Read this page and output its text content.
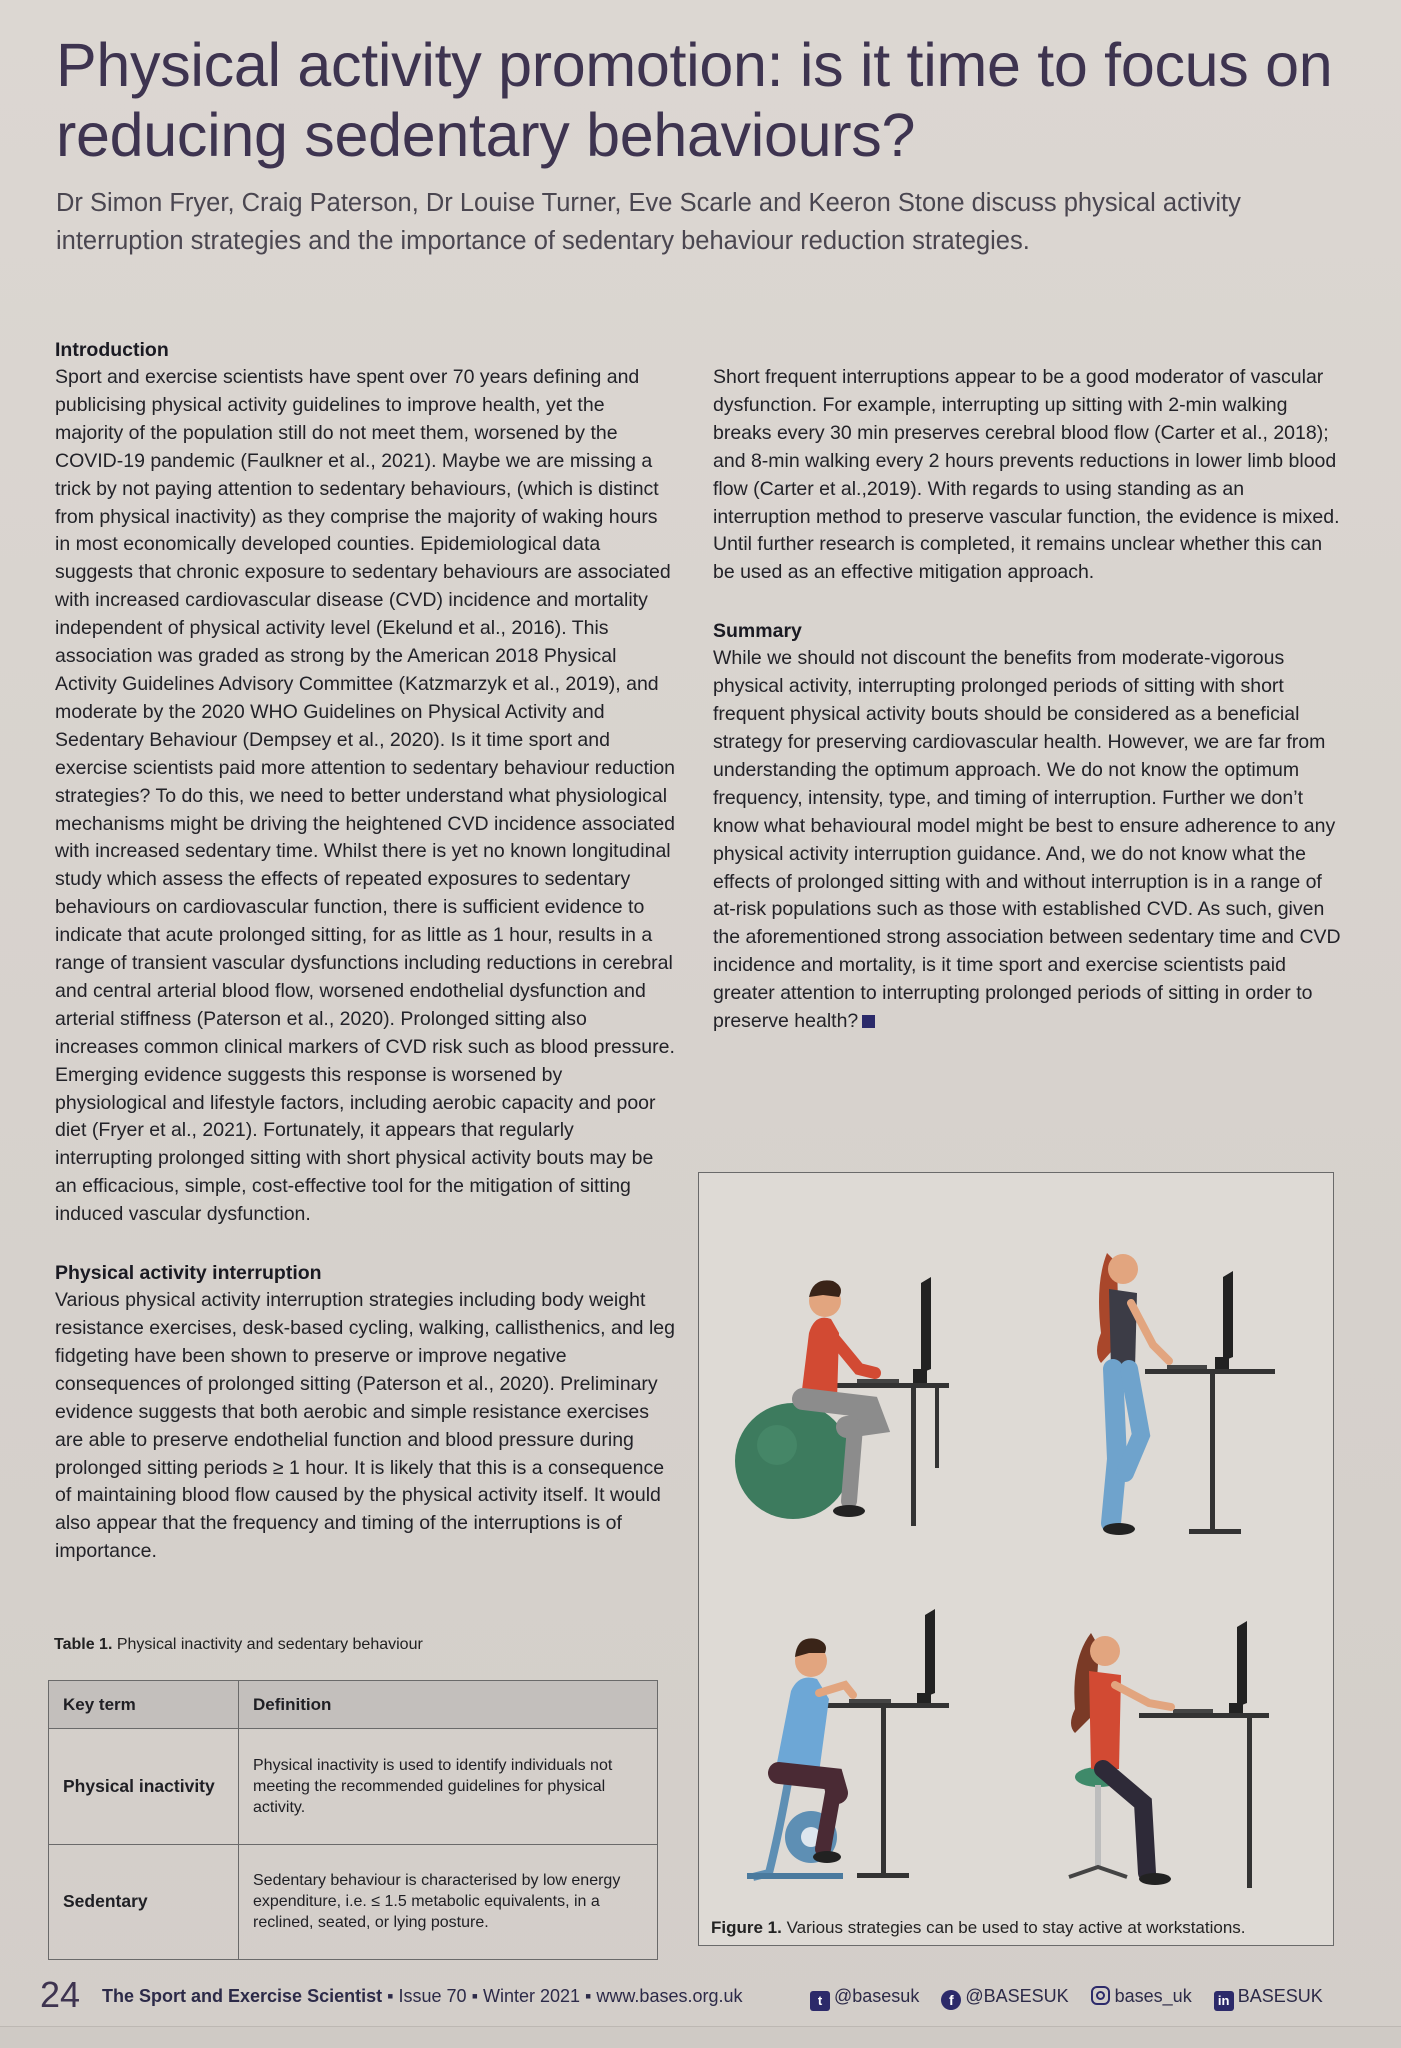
Physical activity promotion: is it time to focus on reducing sedentary behaviours?

Dr Simon Fryer, Craig Paterson, Dr Louise Turner, Eve Scarle and Keeron Stone discuss physical activity interruption strategies and the importance of sedentary behaviour reduction strategies.

Introduction

Sport and exercise scientists have spent over 70 years defining and publicising physical activity guidelines to improve health, yet the majority of the population still do not meet them, worsened by the COVID-19 pandemic (Faulkner et al., 2021). Maybe we are missing a trick by not paying attention to sedentary behaviours, (which is distinct from physical inactivity) as they comprise the majority of waking hours in most economically developed counties. Epidemiological data suggests that chronic exposure to sedentary behaviours are associated with increased cardiovascular disease (CVD) incidence and mortality independent of physical activity level (Ekelund et al., 2016). This association was graded as strong by the American 2018 Physical Activity Guidelines Advisory Committee (Katzmarzyk et al., 2019), and moderate by the 2020 WHO Guidelines on Physical Activity and Sedentary Behaviour (Dempsey et al., 2020). Is it time sport and exercise scientists paid more attention to sedentary behaviour reduction strategies? To do this, we need to better understand what physiological mechanisms might be driving the heightened CVD incidence associated with increased sedentary time. Whilst there is yet no known longitudinal study which assess the effects of repeated exposures to sedentary behaviours on cardiovascular function, there is sufficient evidence to indicate that acute prolonged sitting, for as little as 1 hour, results in a range of transient vascular dysfunctions including reductions in cerebral and central arterial blood flow, worsened endothelial dysfunction and arterial stiffness (Paterson et al., 2020). Prolonged sitting also increases common clinical markers of CVD risk such as blood pressure. Emerging evidence suggests this response is worsened by physiological and lifestyle factors, including aerobic capacity and poor diet (Fryer et al., 2021). Fortunately, it appears that regularly interrupting prolonged sitting with short physical activity bouts may be an efficacious, simple, cost-effective tool for the mitigation of sitting induced vascular dysfunction.

Physical activity interruption

Various physical activity interruption strategies including body weight resistance exercises, desk-based cycling, walking, callisthenics, and leg fidgeting have been shown to preserve or improve negative consequences of prolonged sitting (Paterson et al., 2020). Preliminary evidence suggests that both aerobic and simple resistance exercises are able to preserve endothelial function and blood pressure during prolonged sitting periods ≥ 1 hour. It is likely that this is a consequence of maintaining blood flow caused by the physical activity itself. It would also appear that the frequency and timing of the interruptions is of importance.

Short frequent interruptions appear to be a good moderator of vascular dysfunction. For example, interrupting up sitting with 2-min walking breaks every 30 min preserves cerebral blood flow (Carter et al., 2018); and 8-min walking every 2 hours prevents reductions in lower limb blood flow (Carter et al.,2019). With regards to using standing as an interruption method to preserve vascular function, the evidence is mixed. Until further research is completed, it remains unclear whether this can be used as an effective mitigation approach.

Summary

While we should not discount the benefits from moderate-vigorous physical activity, interrupting prolonged periods of sitting with short frequent physical activity bouts should be considered as a beneficial strategy for preserving cardiovascular health. However, we are far from understanding the optimum approach. We do not know the optimum frequency, intensity, type, and timing of interruption. Further we don’t know what behavioural model might be best to ensure adherence to any physical activity interruption guidance. And, we do not know what the effects of prolonged sitting with and without interruption is in a range of at-risk populations such as those with established CVD. As such, given the aforementioned strong association between sedentary time and CVD incidence and mortality, is it time sport and exercise scientists paid greater attention to interrupting prolonged periods of sitting in order to preserve health?

Table 1. Physical inactivity and sedentary behaviour
Key term	Definition
Physical inactivity	Physical inactivity is used to identify individuals not meeting the recommended guidelines for physical activity.
Sedentary	Sedentary behaviour is characterised by low energy expenditure, i.e. ≤ 1.5 metabolic equivalents, in a reclined, seated, or lying posture.	Figure 1. Various strategies can be used to stay active at workstations.
24 The Sport and Exercise Scientist ▪ Issue 70 ▪ Winter 2021 ▪ www.bases.org.uk	t @basesuk	f @BASESUK	bases_uk	in BASESUK
